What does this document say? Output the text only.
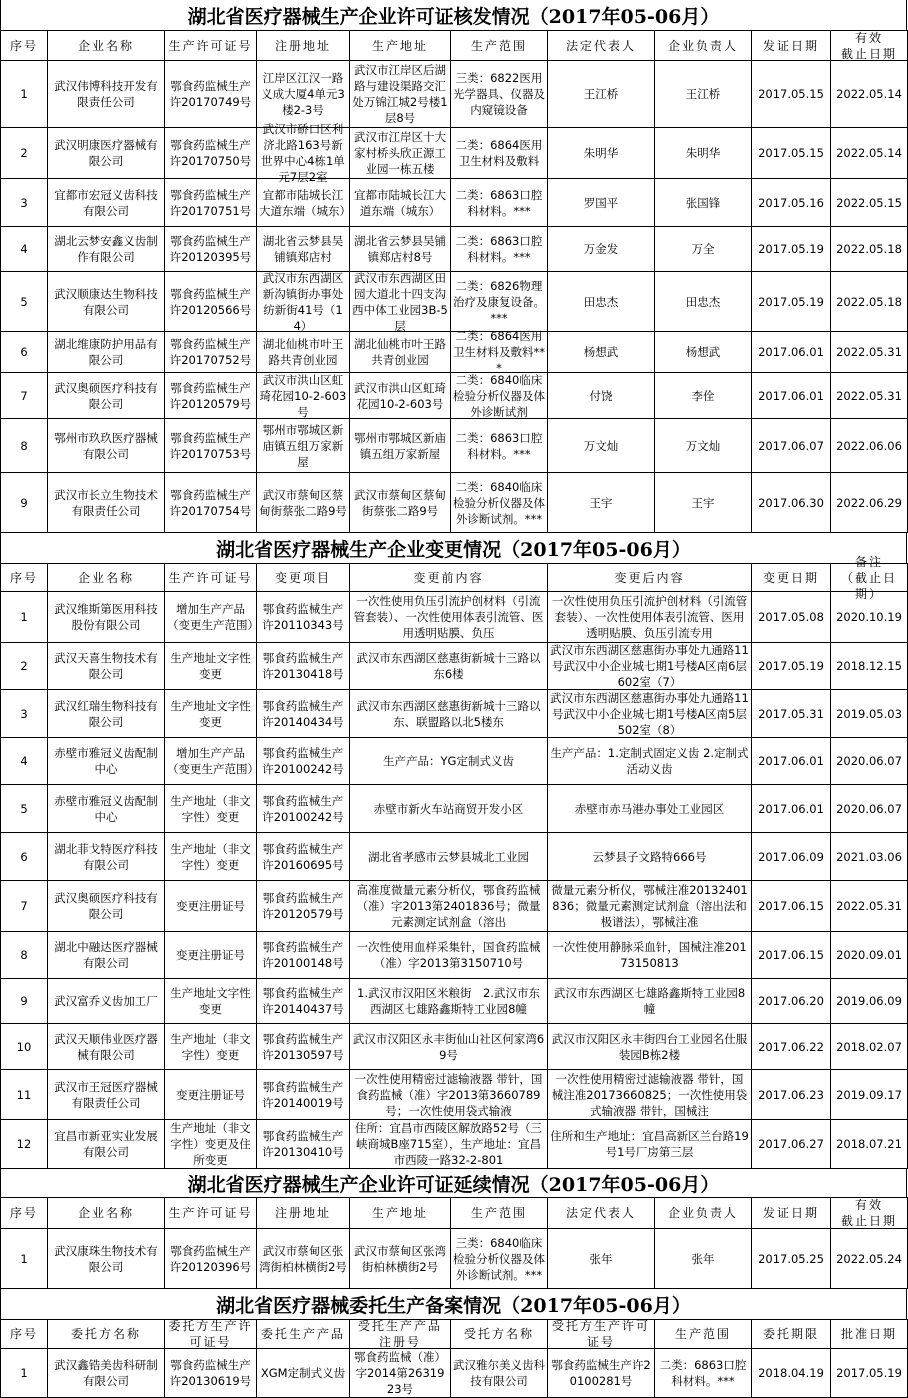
湖北省医疗器械生产企业许可证核发情况（2017年05-06月）
序号	企业名称	生产许可证号	注册地址	生产地址	生产范围	法定代表人	企业负责人	发证日期	有效
截止日期

1	武汉伟博科技开发有限责任公司	鄂食药监械生产许20170749号	江岸区江汉一路义成大厦4单元3楼2-3号	武汉市江岸区后湖路与建设渠路交汇处万锦江城2号楼1层8号	三类：6822医用光学器具、仪器及内窥镜设备	王江桥	王江桥	2017.05.15	2022.05.14

2	武汉明康医疗器械有限公司	鄂食药监械生产许20170750号	武汉市硚口区利济北路163号新世界中心4栋1单元7层2室	武汉市江岸区十大家村桥头欣正源工业园一栋五楼	二类：6864医用卫生材料及敷料	朱明华	朱明华	2017.05.15	2022.05.14

3	宜都市宏冠义齿科技有限公司	鄂食药监械生产许20170751号	宜都市陆城长江大道东端（城东）	宜都市陆城长江大道东端（城东）	二类：6863口腔科材料。***	罗国平	张国锋	2017.05.16	2022.05.15

4	湖北云梦安鑫义齿制作有限公司	鄂食药监械生产许20120395号	湖北省云梦县吴铺镇郑店村	湖北省云梦县吴铺镇郑店村8号	二类：6863口腔科材料。***	万金发	万全	2017.05.19	2022.05.18

5	武汉顺康达生物科技有限公司	鄂食药监械生产许20120566号	武汉市东西湖区新沟镇街办事处纺新街41号（14）	武汉市东西湖区田园大道北十四支沟西中体工业园3B-5层	二类：6826物理治疗及康复设备。***	田忠杰	田忠杰	2017.05.19	2022.05.18

6	湖北维康防护用品有限公司	鄂食药监械生产许20170752号	湖北仙桃市叶王路共青创业园	湖北仙桃市叶王路共青创业园	二类：6864医用卫生材料及敷料***	杨想武	杨想武	2017.06.01	2022.05.31

7	武汉奥硕医疗科技有限公司	鄂食药监械生产许20120579号	武汉市洪山区虹琦花园10-2-603号	武汉市洪山区虹琦花园10-2-603号	二类：6840临床检验分析仪器及体外诊断试剂	付饶	李佺	2017.06.01	2022.05.31

8	鄂州市玖玖医疗器械有限公司	鄂食药监械生产许20170753号	鄂州市鄂城区新庙镇五组万家新屋	鄂州市鄂城区新庙镇五组万家新屋	二类：6863口腔科材料。***	万文灿	万文灿	2017.06.07	2022.06.06

9	武汉市长立生物技术有限责任公司	鄂食药监械生产许20170754号	武汉市蔡甸区蔡甸街蔡张二路9号	武汉市蔡甸区蔡甸街蔡张二路9号	二类：6840临床检验分析仪器及体外诊断试剂。***	王宇	王宇	2017.06.30	2022.06.29
湖北省医疗器械生产企业变更情况（2017年05-06月）
序号	企业名称	生产许可证号	变更项目	变更前内容	变更后内容	变更日期	备注
（截止日期）

1	武汉维斯第医用科技股份有限公司	增加生产产品（变更生产范围）	鄂食药监械生产许20110343号	一次性使用负压引流护创材料（引流管套装）、一次性使用体表引流管、医用透明贴膜、负压	一次性使用负压引流护创材料（引流管套装）、一次性使用体表引流管、医用透明贴膜、负压引流专用	2017.05.08	2020.10.19

2	武汉天喜生物技术有限公司	生产地址文字性变更	鄂食药监械生产许20130418号	武汉市东西湖区慈惠街新城十三路以东6楼	武汉市东西湖区慈惠街办事处九通路11号武汉中小企业城七期1号楼A区南6层602室（7）	2017.05.19	2018.12.15

3	武汉红瑞生物科技有限公司	生产地址文字性变更	鄂食药监械生产许20140434号	武汉市东西湖区慈惠街新城十三路以东、联盟路以北5楼东	武汉市东西湖区慈惠街办事处九通路11号武汉中小企业城七期1号楼A区南5层502室（8）	2017.05.31	2019.05.03

4	赤壁市雅冠义齿配制中心	增加生产产品（变更生产范围）	鄂食药监械生产许20100242号	生产产品：YG定制式义齿	生产产品：1.定制式固定义齿 2.定制式活动义齿	2017.06.01	2020.06.07

5	赤壁市雅冠义齿配制中心	生产地址（非文字性）变更	鄂食药监械生产许20100242号	赤壁市新火车站商贸开发小区	赤壁市赤马港办事处工业园区	2017.06.01	2020.06.07

6	湖北菲戈特医疗科技有限公司	生产地址（非文字性）变更	鄂食药监械生产许20160695号	湖北省孝感市云梦县城北工业园	云梦县子文路特666号	2017.06.09	2021.03.06

7	武汉奥硕医疗科技有限公司	变更注册证号	鄂食药监械生产许20120579号	高准度微量元素分析仪，鄂食药监械（准）字2013第2401836号；微量元素测定试剂盒（溶出	微量元素分析仪，鄂械注准20132401836；微量元素测定试剂盒（溶出法和极谱法），鄂械注准	2017.06.15	2022.05.31

8	湖北中融达医疗器械有限公司	变更注册证号	鄂食药监械生产许20100148号	一次性使用血样采集针，国食药监械（准）字2013第3150710号	一次性使用静脉采血针，国械注准20173150813	2017.06.15	2020.09.01

9	武汉富乔义齿加工厂	生产地址文字性变更	鄂食药监械生产许20140437号	1.武汉市汉阳区米粮街　2.武汉市东西湖区七雄路鑫斯特工业园8幢	武汉市东西湖区七雄路鑫斯特工业园8幢	2017.06.20	2019.06.09

10	武汉天顺伟业医疗器械有限公司	生产地址（非文字性）变更	鄂食药监械生产许20130597号	武汉市汉阳区永丰街仙山社区何家湾69号	武汉市汉阳区永丰街四台工业园名仕服装园B栋2楼	2017.06.22	2018.02.07

11	武汉市王冠医疗器械有限责任公司	变更注册证号	鄂食药监械生产许20140019号	一次性使用精密过滤输液器 带针，国食药监械（准）字2013第3660789号；一次性使用袋式输液	一次性使用精密过滤输液器 带针，国械注准20173660825；一次性使用袋式输液器 带针，国械注	2017.06.23	2019.09.17

12	宜昌市新亚实业发展有限公司	生产地址（非文字性）变更及住所变更	鄂食药监械生产许20130410号	住所：宜昌市西陵区解放路52号（三峡商城B座715室），生产地址：宜昌市西陵一路32-2-801	住所和生产地址：宜昌高新区兰台路19号1号厂房第三层	2017.06.27	2018.07.21
湖北省医疗器械生产企业许可证延续情况（2017年05-06月）
序号	企业名称	生产许可证号	注册地址	生产地址	生产范围	法定代表人	企业负责人	发证日期	有效
截止日期

1	武汉康珠生物技术有限公司	鄂食药监械生产许20120396号	武汉市蔡甸区张湾街柏林横街2号	武汉市蔡甸区张湾街柏林横街2号	三类：6840临床检验分析仪器及体外诊断试剂。***	张年	张年	2017.05.25	2022.05.24
湖北省医疗器械委托生产备案情况（2017年05-06月）
序号	委托方名称	委托方生产许可证号	委托生产产品	受托生产产品注册号	受托方名称	受托方生产许可证号	生产范围	委托期限	批准日期

1	武汉鑫锆美齿科研制有限公司	鄂食药监械生产许20130619号	XGM定制式义齿	鄂食药监械（准）字2014第2631923号	武汉雅尔美义齿科技有限公司	鄂食药监械生产许20100281号	二类：6863口腔科材料。***	2018.04.19	2017.05.19
